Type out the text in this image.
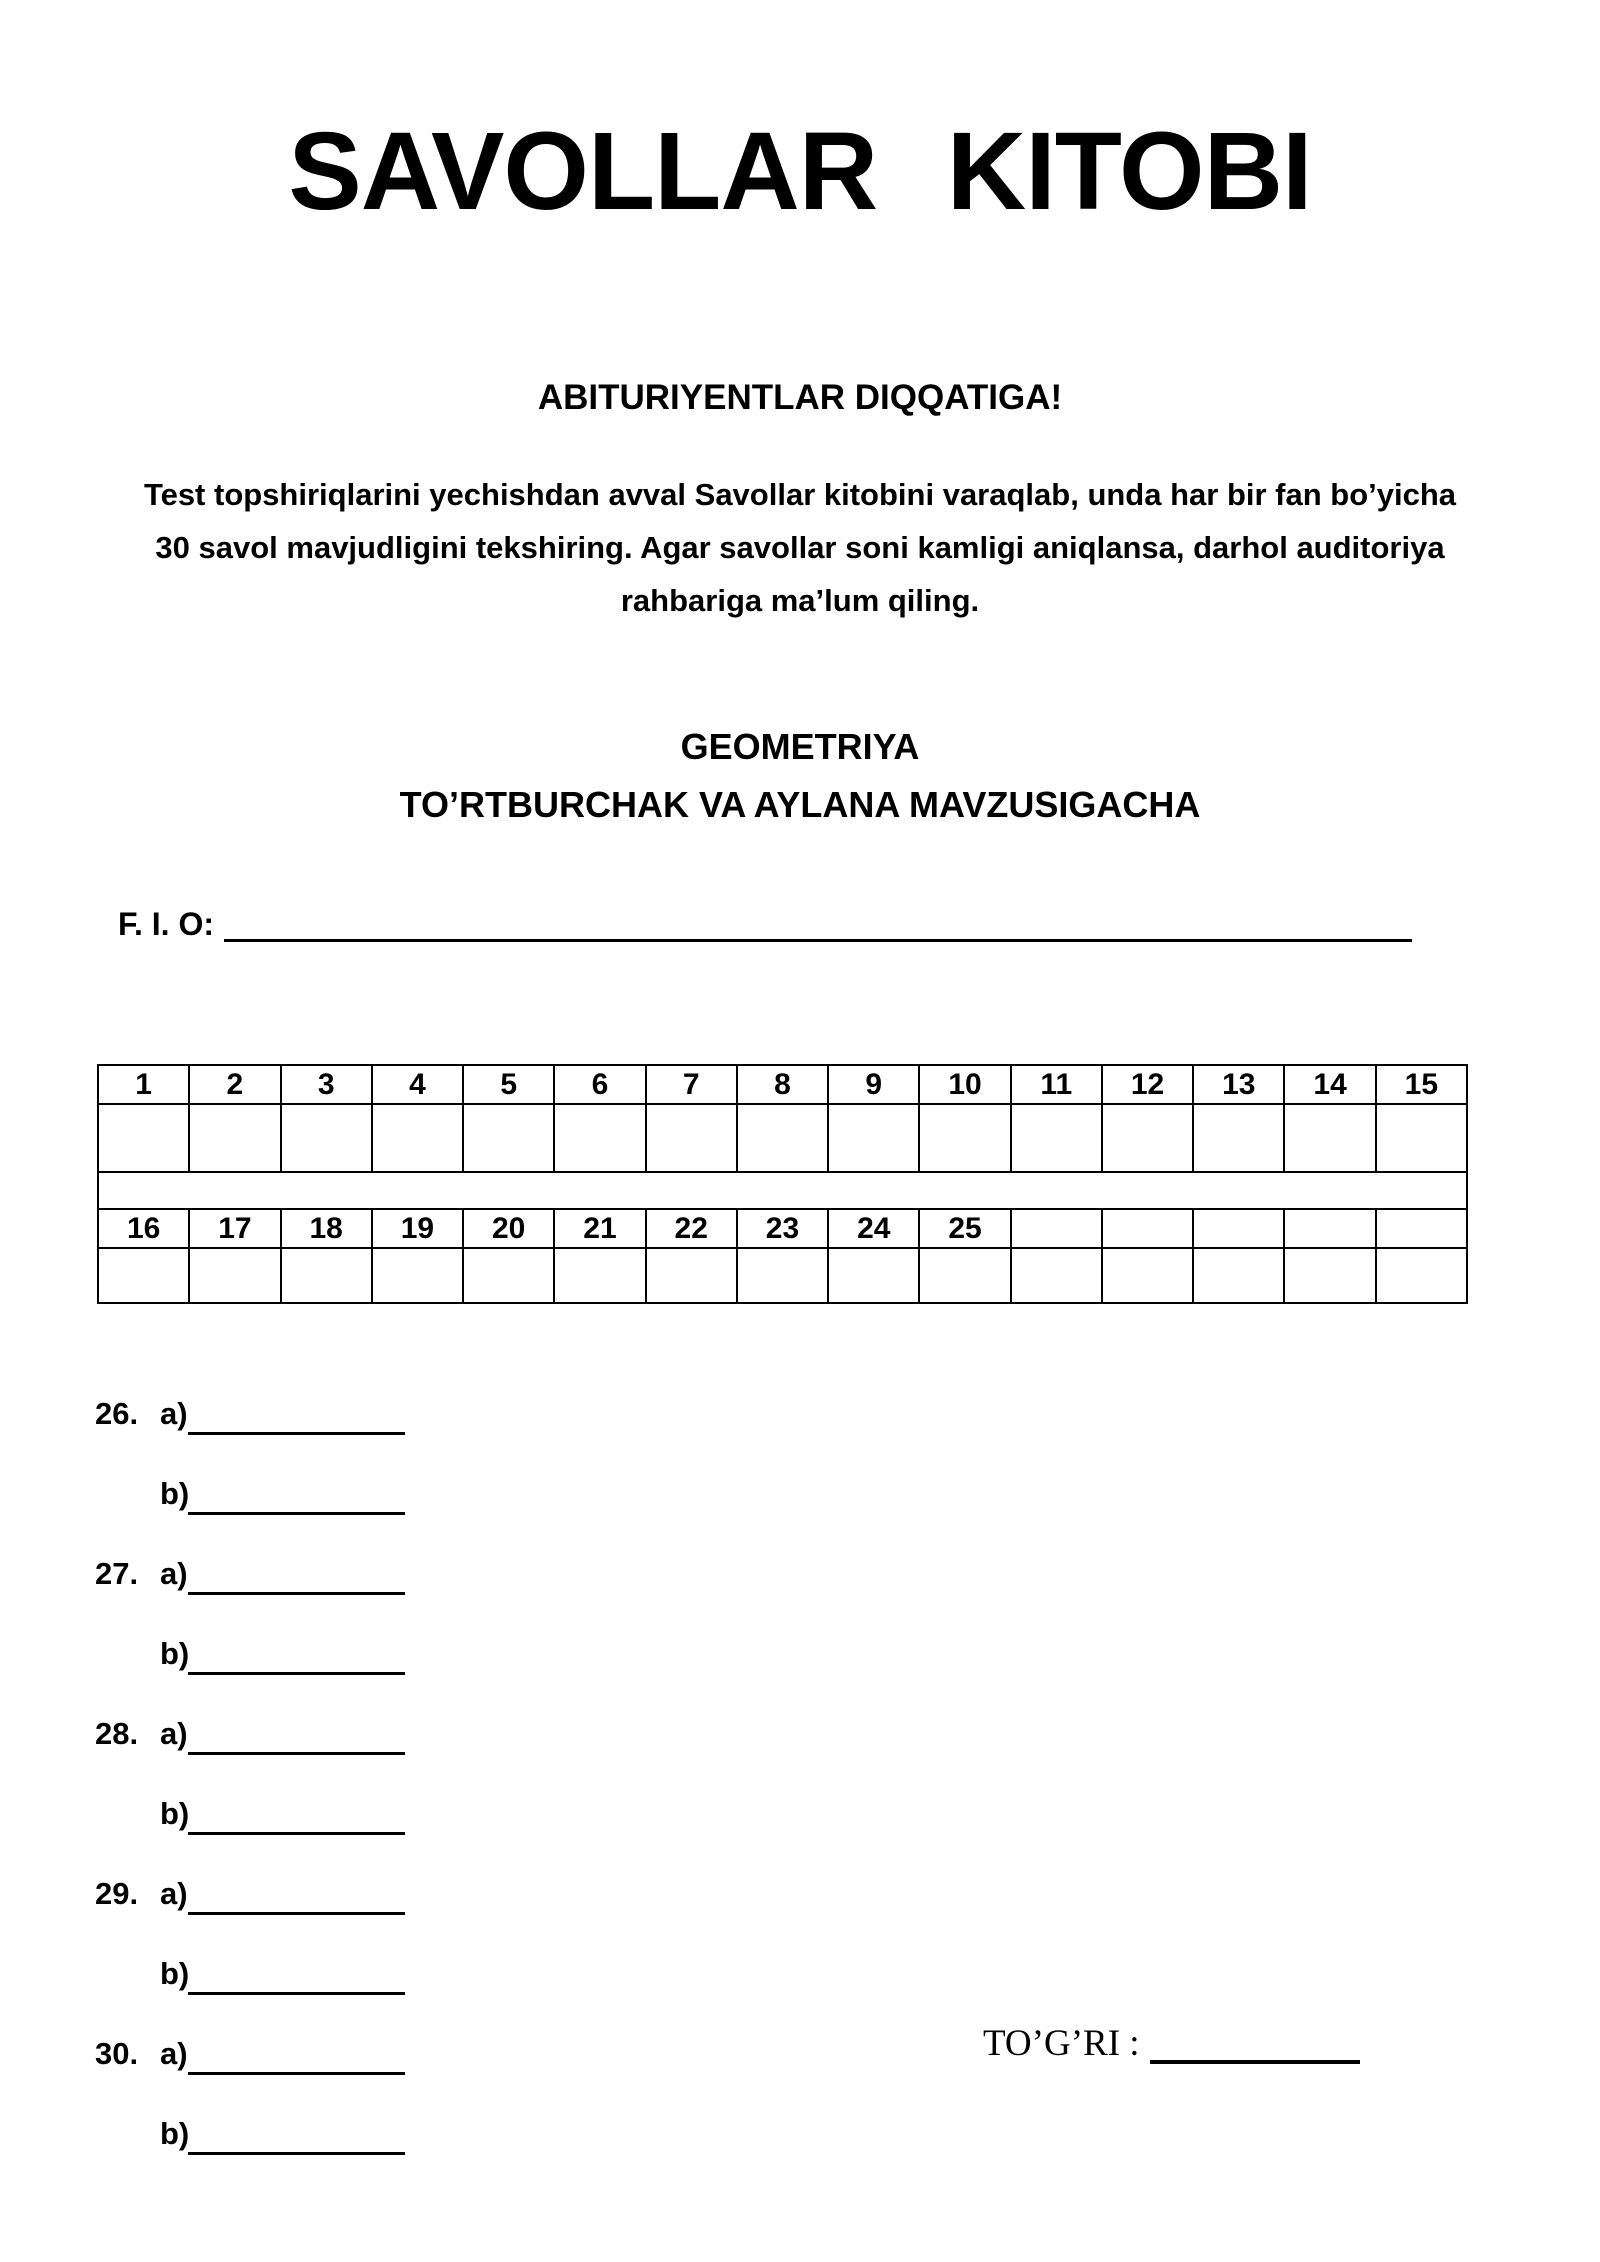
SAVOLLAR KITOBI
ABITURIYENTLAR DIQQATIGA!
Test topshiriqlarini yechishdan avval Savollar kitobini varaqlab, unda har bir fan bo’yicha
30 savol mavjudligini tekshiring. Agar savollar soni kamligi aniqlansa, darhol auditoriya
rahbariga ma’lum qiling.
GEOMETRIYA
TO’RTBURCHAK VA AYLANA MAVZUSIGACHA
F. I. O:
1	2	3	4	5	6	7	8	9	10	11	12	13	14	15

16	17	18	19	20	21	22	23	24	25					

26. a)
b)
27. a)
b)
28. a)
b)
29. a)
b)
30. a)
b)
TO’G’RI :
